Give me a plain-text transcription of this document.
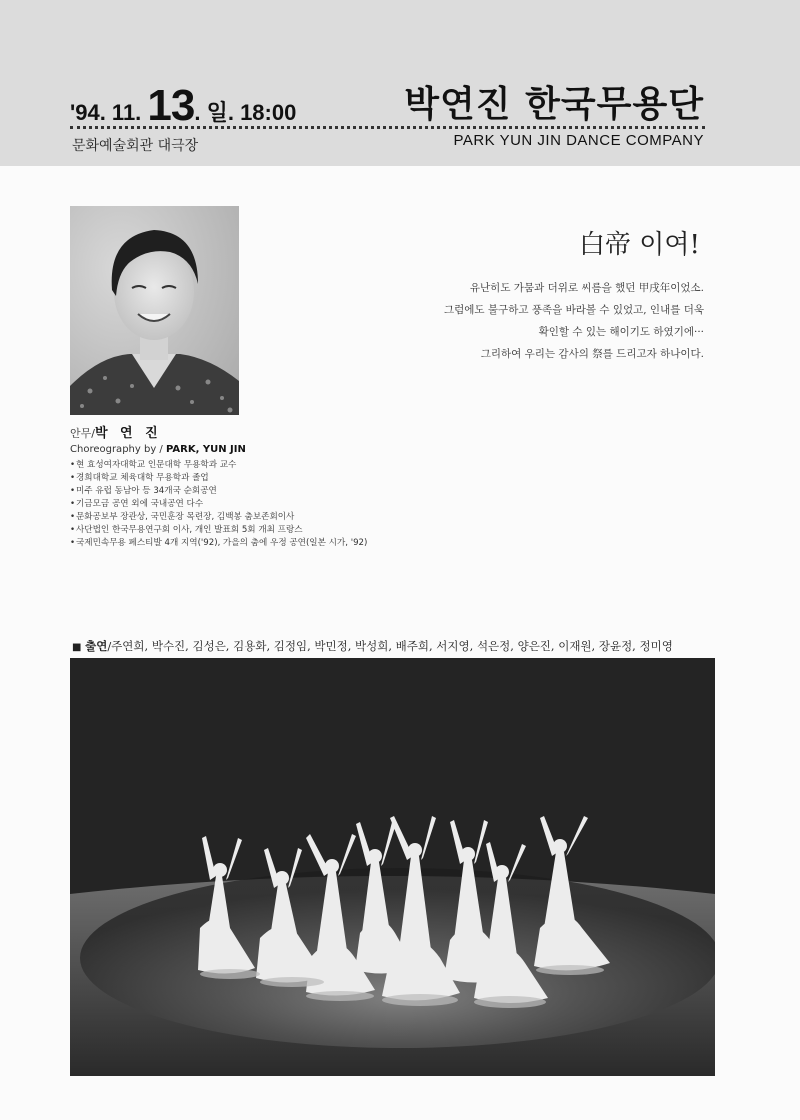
'94. 11. 13. 일. 18:00	박연진 한국무용단
문화예술회관 대극장	PARK YUN JIN DANCE COMPANY
白帝 이여!
유난히도 가뭄과 더위로 씨름을 했던 甲戌年이었소.
그럼에도 불구하고 풍족을 바라볼 수 있었고, 인내를 더욱
확인할 수 있는 해이기도 하였기에···
그리하여 우리는 감사의 祭를 드리고자 하나이다.
안무/박 연 진
Choreography by / PARK, YUN JIN
• 현 효성여자대학교 인문대학 무용학과 교수
• 경희대학교 체육대학 무용학과 졸업
• 미주 유럽 동남아 등 34개국 순회공연
• 기금모금 공연 외에 국내공연 다수
• 문화공보부 장관상, 국민훈장 목련장, 김백봉 춤보존회이사
• 사단법인 한국무용연구회 이사, 개인 발표회 5회 개최 프랑스
• 국제민속무용 페스티발 4개 지역('92), 가을의 춤에 우정 공연(일본 시가, '92)
■ 출연/주연희, 박수진, 김성은, 김용화, 김정임, 박민정, 박성희, 배주희, 서지영, 석은정, 양은진, 이재원, 장윤정, 정미영
